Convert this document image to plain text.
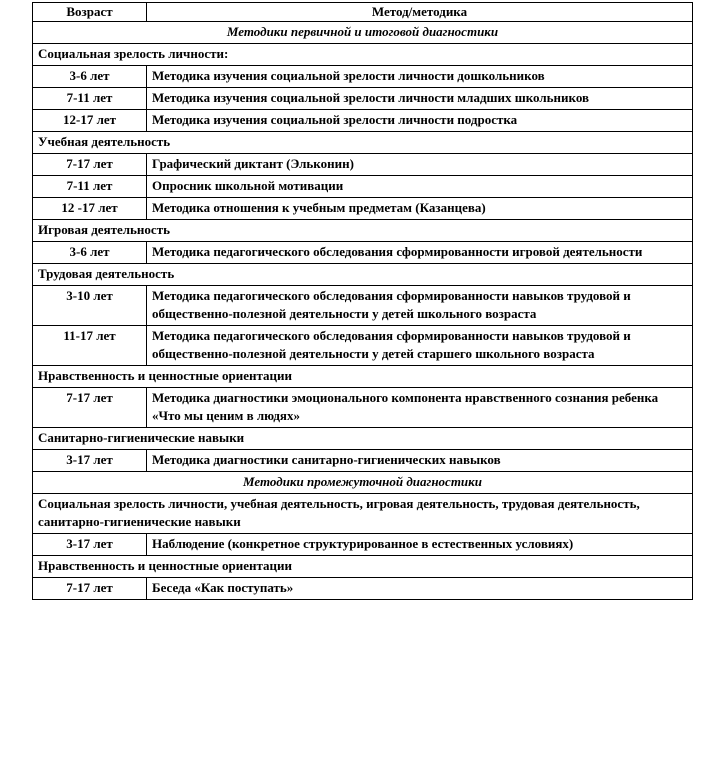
Возраст	Метод/методика
Методики первичной и итоговой диагностики	
Социальная зрелость личности:	
3-6 лет	Методика изучения социальной зрелости личности дошкольников
7-11 лет	Методика изучения социальной зрелости личности младших школьников
12-17 лет	Методика изучения социальной зрелости личности подростка
Учебная деятельность	
7-17 лет	Графический диктант (Эльконин)
7-11 лет	Опросник школьной мотивации
12 -17 лет	Методика отношения к учебным предметам (Казанцева)
Игровая деятельность	
3-6 лет	Методика педагогического обследования сформированности игровой деятельности
Трудовая деятельность	
3-10 лет	Методика педагогического обследования сформированности навыков трудовой и общественно-полезной деятельности у детей школьного возраста
11-17 лет	Методика педагогического обследования сформированности навыков трудовой и общественно-полезной деятельности у детей старшего школьного возраста
Нравственность и ценностные ориентации	
7-17 лет	Методика диагностики эмоционального компонента нравственного сознания ребенка «Что мы ценим в людях»
Санитарно-гигиенические навыки	
3-17 лет	Методика диагностики санитарно-гигиенических навыков
Методики промежуточной диагностики	
Социальная зрелость личности, учебная деятельность, игровая деятельность, трудовая деятельность, санитарно-гигиенические навыки	
3-17 лет	Наблюдение (конкретное структурированное в естественных условиях)
Нравственность и ценностные ориентации	
7-17 лет	Беседа «Как поступать»
